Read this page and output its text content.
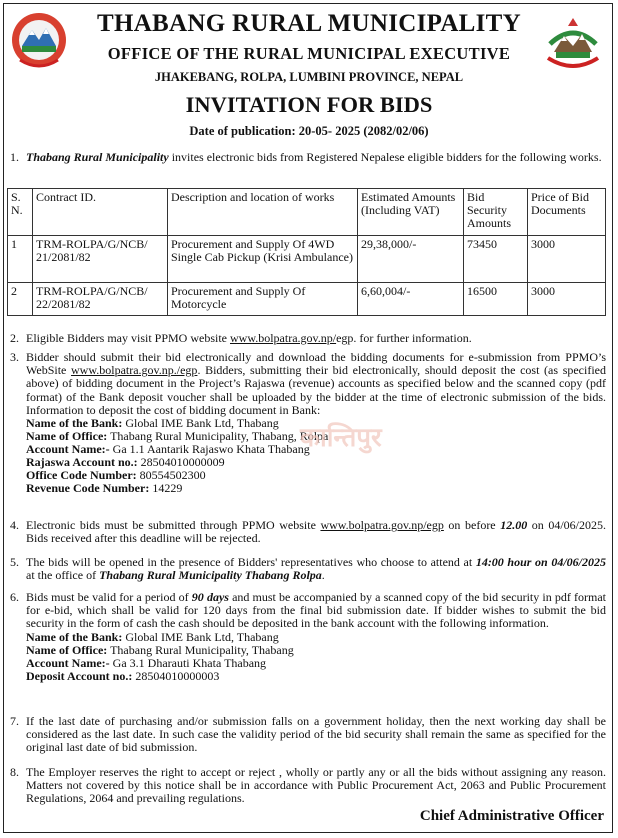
THABANG RURAL MUNICIPALITY
OFFICE OF THE RURAL MUNICIPAL EXECUTIVE
JHAKEBANG, ROLPA, LUMBINI PROVINCE, NEPAL
INVITATION FOR BIDS
Date of publication: 20-05- 2025 (2082/02/06)
1. Thabang Rural Municipality invites electronic bids from Registered Nepalese eligible bidders for the following works.
S. N.	Contract ID.	Description and location of works	Estimated Amounts (Including VAT)	Bid Security Amounts	Price of Bid Documents
1	TRM-ROLPA/G/NCB/ 21/2081/82	Procurement and Supply Of 4WD Single Cab Pickup (Krisi Ambulance)	29,38,000/-	73450	3000
2	TRM-ROLPA/G/NCB/ 22/2081/82	Procurement and Supply Of Motorcycle	6,60,004/-	16500	3000
2. Eligible Bidders may visit PPMO website www.bolpatra.gov.np/egp. for further information.
3. Bidder should submit their bid electronically and download the bidding documents for e-submission from PPMO’s WebSite www.bolpatra.gov.np./egp. Bidders, submitting their bid electronically, should deposit the cost (as specified above) of bidding document in the Project’s Rajaswa (revenue) accounts as specified below and the scanned copy (pdf format) of the Bank deposit voucher shall be uploaded by the bidder at the time of electronic submission of the bids. Information to deposit the cost of bidding document in Bank:
Name of the Bank: Global IME Bank Ltd, Thabang
Name of Office: Thabang Rural Municipality, Thabang, Rolpa
Account Name:- Ga 1.1 Aantarik Rajaswo Khata Thabang
Rajaswa Account no.: 28504010000009
Office Code Number: 80554502300
Revenue Code Number: 14229
कान्तिपुर
4. Electronic bids must be submitted through PPMO website www.bolpatra.gov.np/egp on before 12.00 on 04/06/2025. Bids received after this deadline will be rejected.
5. The bids will be opened in the presence of Bidders' representatives who choose to attend at 14:00 hour on 04/06/2025 at the office of Thabang Rural Municipality Thabang Rolpa.
6. Bids must be valid for a period of 90 days and must be accompanied by a scanned copy of the bid security in pdf format for e-bid, which shall be valid for 120 days from the final bid submission date. If bidder wishes to submit the bid security in the form of cash the cash should be deposited in the bank account with the following information.
Name of the Bank: Global IME Bank Ltd, Thabang
Name of Office: Thabang Rural Municipality, Thabang
Account Name:- Ga 3.1 Dharauti Khata Thabang
Deposit Account no.: 28504010000003
7. If the last date of purchasing and/or submission falls on a government holiday, then the next working day shall be considered as the last date. In such case the validity period of the bid security shall remain the same as specified for the original last date of bid submission.
8. The Employer reserves the right to accept or reject , wholly or partly any or all the bids without assigning any reason. Matters not covered by this notice shall be in accordance with Public Procurement Act, 2063 and Public Procurement Regulations, 2064 and prevailing regulations.
Chief Administrative Officer
